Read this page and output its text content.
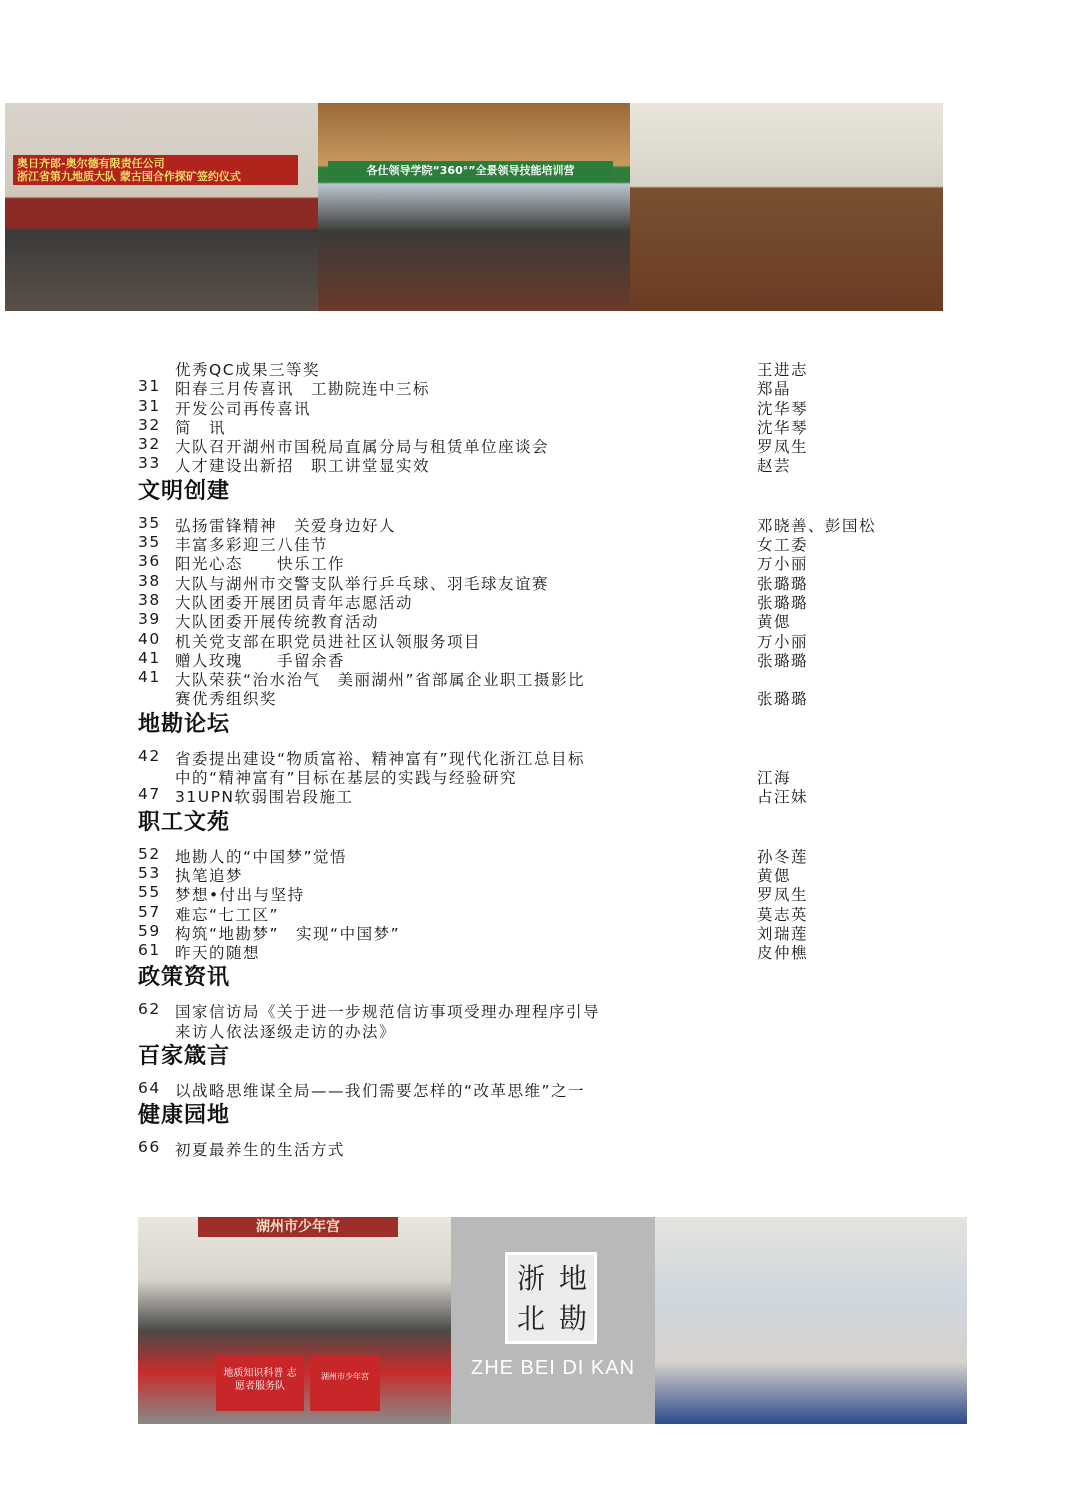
奥日齐郎-奥尔德有限责任公司
浙江省第九地质大队 蒙古国合作探矿签约仪式	各仕领导学院“360°”全景领导技能培训营
优秀QC成果三等奖	王进志
31 阳春三月传喜讯　工勘院连中三标	郑晶
31 开发公司再传喜讯	沈华琴
32 简　讯	沈华琴
32 大队召开湖州市国税局直属分局与租赁单位座谈会	罗凤生
33 人才建设出新招　职工讲堂显实效	赵芸
文明创建
35 弘扬雷锋精神　关爱身边好人	邓晓善、彭国松
35 丰富多彩迎三八佳节	女工委
36 阳光心态　　快乐工作	万小丽
38 大队与湖州市交警支队举行乒乓球、羽毛球友谊赛	张璐璐
38 大队团委开展团员青年志愿活动	张璐璐
39 大队团委开展传统教育活动	黄偲
40 机关党支部在职党员进社区认领服务项目	万小丽
41 赠人玫瑰　　手留余香	张璐璐
41 大队荣获“治水治气　美丽湖州”省部属企业职工摄影比
赛优秀组织奖	张璐璐
地勘论坛
42 省委提出建设“物质富裕、精神富有”现代化浙江总目标
中的“精神富有”目标在基层的实践与经验研究	江海
47 31UPN软弱围岩段施工	占汪妹
职工文苑
52 地勘人的“中国梦”觉悟	孙冬莲
53 执笔追梦	黄偲
55 梦想•付出与坚持	罗凤生
57 难忘“七工区”	莫志英
59 构筑“地勘梦”　实现“中国梦”	刘瑞莲
61 昨天的随想	皮仲樵
政策资讯
62 国家信访局《关于进一步规范信访事项受理办理程序引导
来访人依法逐级走访的办法》
百家箴言
64 以战略思维谋全局——我们需要怎样的“改革思维”之一
健康园地
66 初夏最养生的生活方式
湖州市少年宫
地质知识科普 志愿者服务队
湖州市少年宫
浙 地
北 勘
ZHE BEI DI KAN
